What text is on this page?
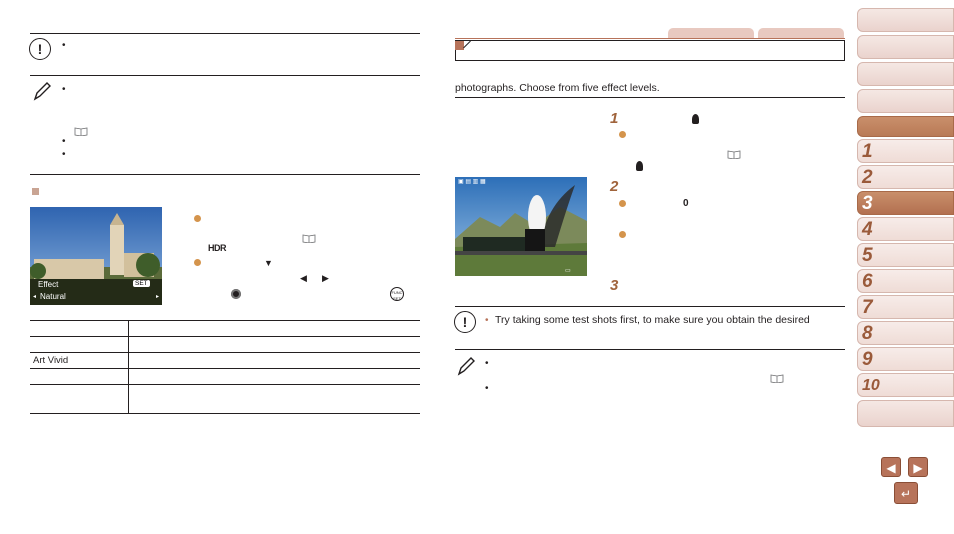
!	•
•
•
•
Effect	SET
◂ Natural	▸
HDR
▼
◀ ▶
FUNC
SET

Art Vivid	

photographs. Choose from five effect levels.
1
▣ ▤ ▥ ▦
▭
2
0
3
!	• Try taking some test shots first, to make sure you obtain the desired
•
•
1
2
3
4
5
6
7
8
9
10
◀	▶
↵
